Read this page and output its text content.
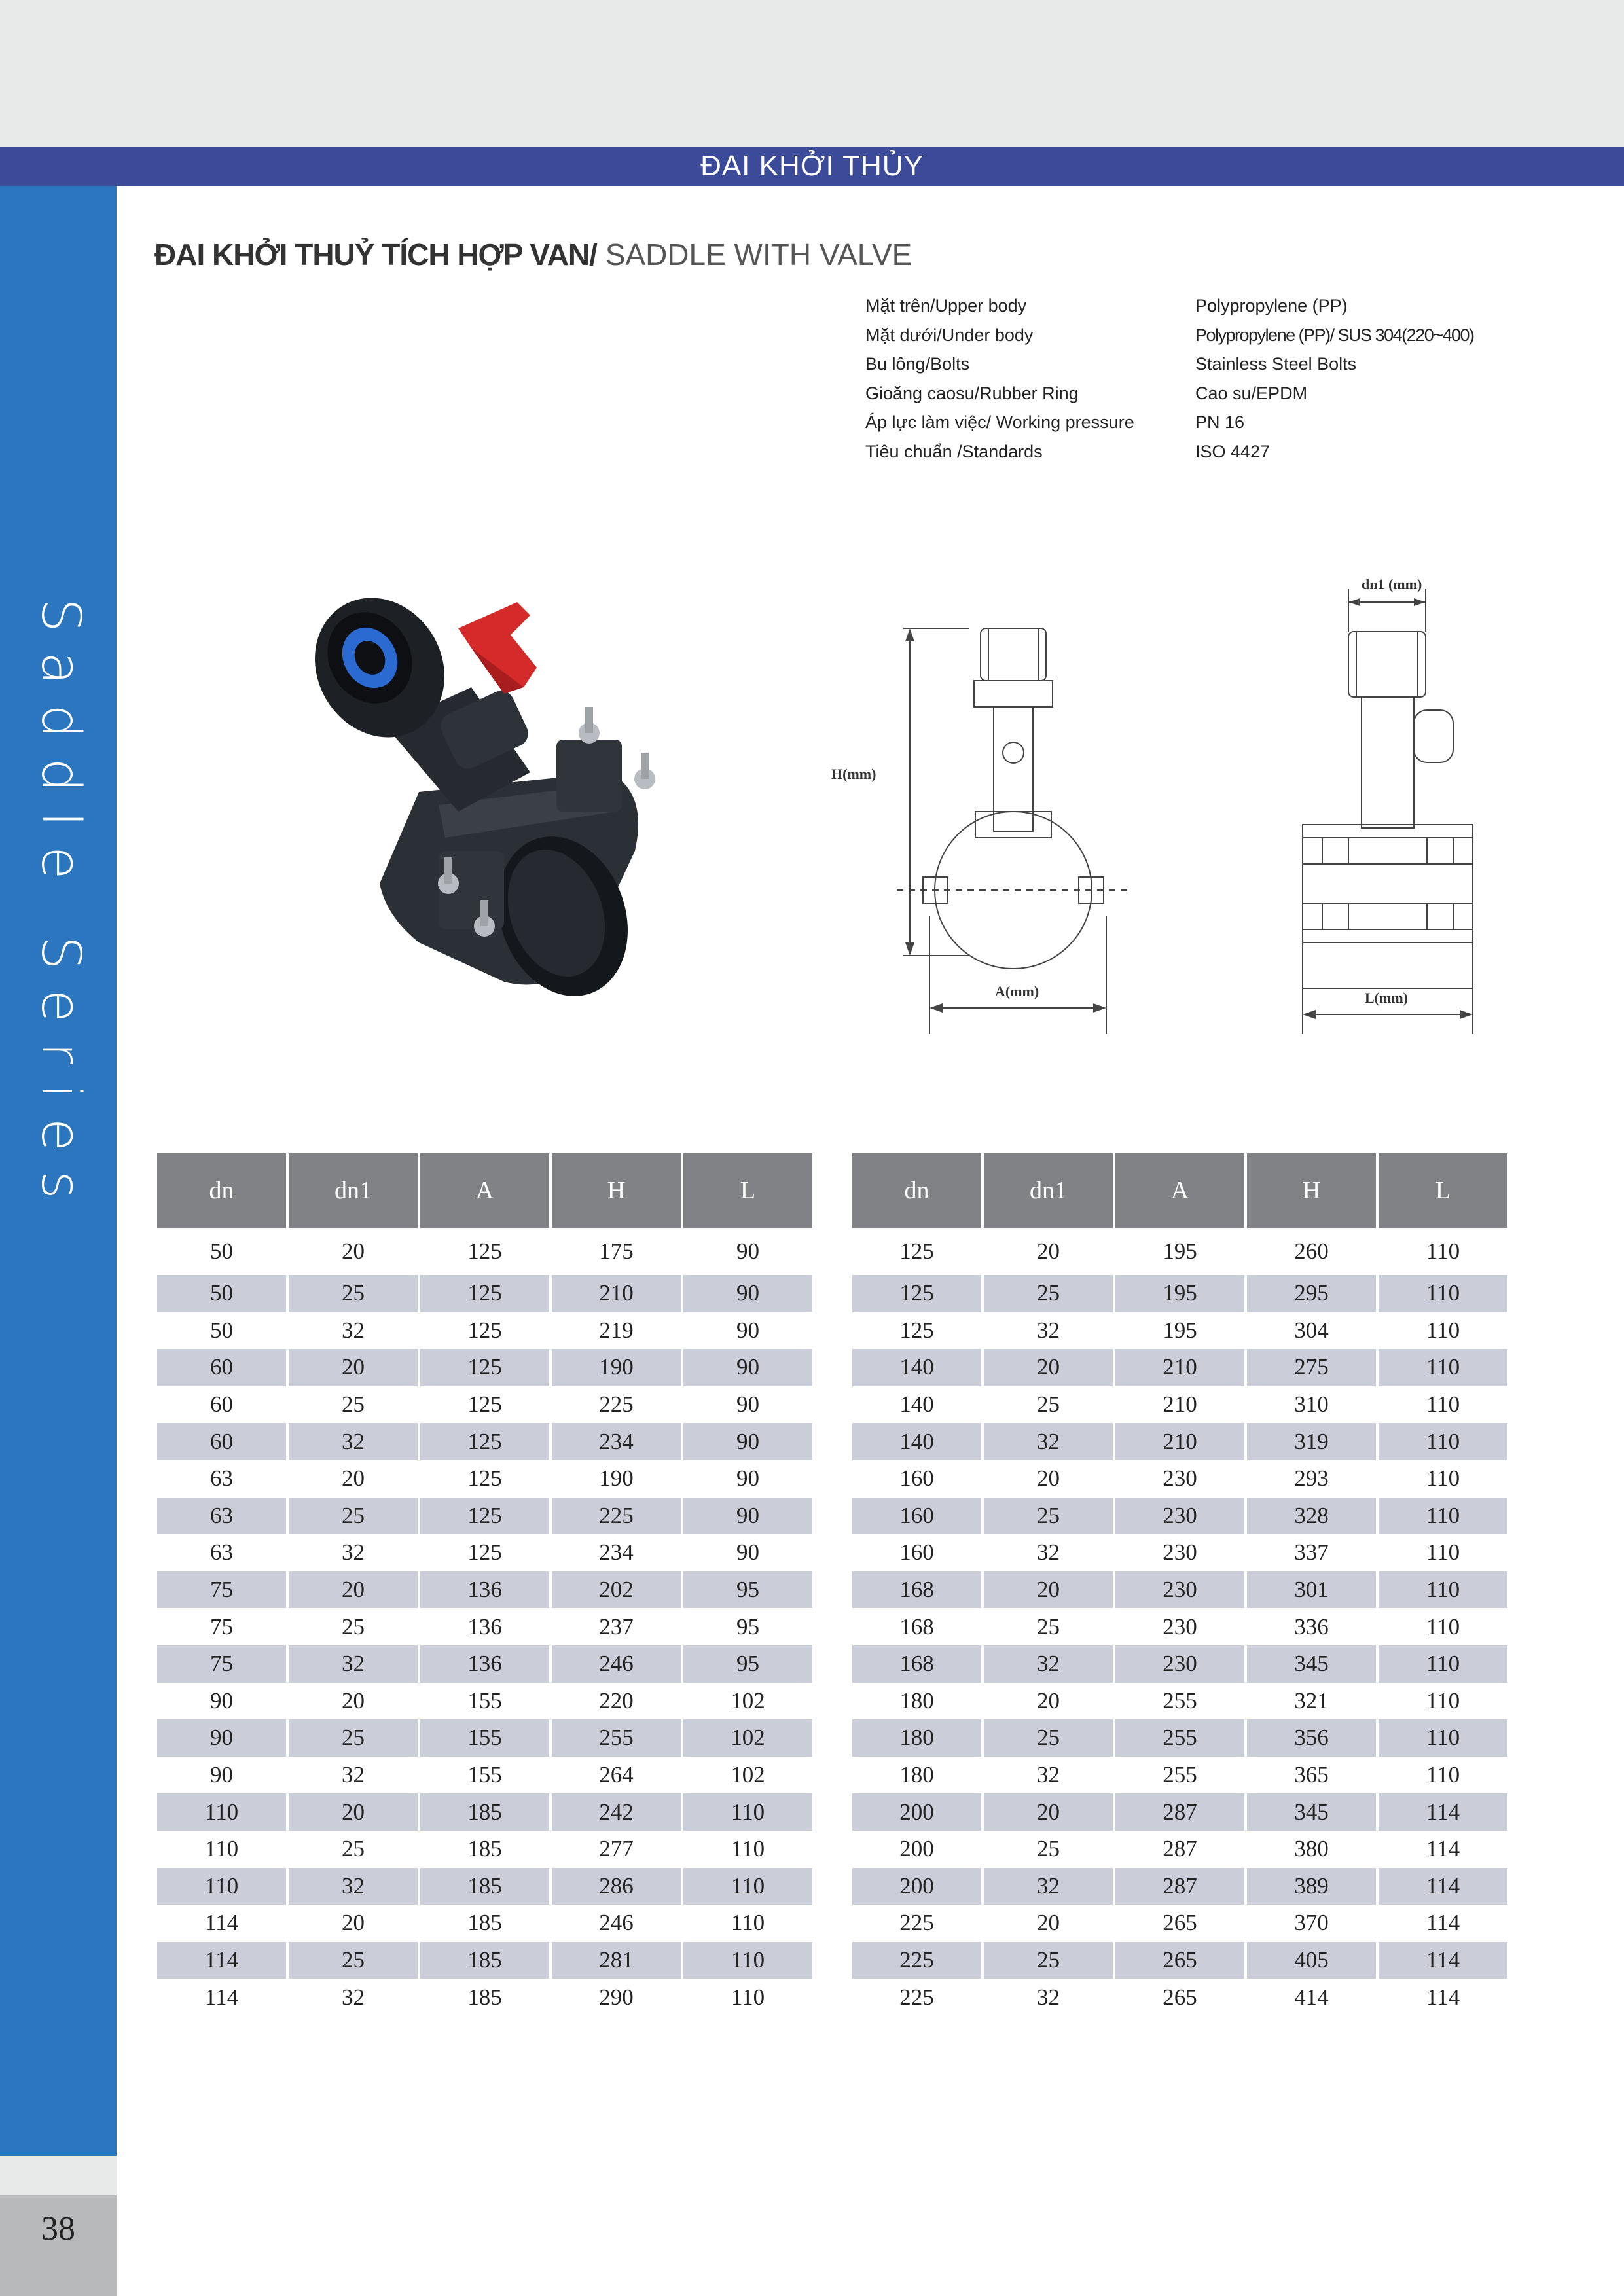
ĐAI KHỞI THỦY
Saddle Series
38
ĐAI KHỞI THUỶ TÍCH HỢP VAN/ SADDLE WITH VALVE
Mặt trên/Upper body	Polypropylene (PP)
Mặt dưới/Under body	Polypropylene (PP)/ SUS 304(220~400)
Bu lông/Bolts	Stainless Steel Bolts
Gioăng caosu/Rubber Ring	Cao su/EPDM
Áp lực làm việc/ Working pressure	PN 16
Tiêu chuẩn /Standards	ISO 4427
H(mm)
A(mm)
dn1 (mm)
L(mm)
dn	dn1	A	H	L
50	20	125	175	90
50	25	125	210	90
50	32	125	219	90
60	20	125	190	90
60	25	125	225	90
60	32	125	234	90
63	20	125	190	90
63	25	125	225	90
63	32	125	234	90
75	20	136	202	95
75	25	136	237	95
75	32	136	246	95
90	20	155	220	102
90	25	155	255	102
90	32	155	264	102
110	20	185	242	110
110	25	185	277	110
110	32	185	286	110
114	20	185	246	110
114	25	185	281	110
114	32	185	290	110
dn	dn1	A	H	L
125	20	195	260	110
125	25	195	295	110
125	32	195	304	110
140	20	210	275	110
140	25	210	310	110
140	32	210	319	110
160	20	230	293	110
160	25	230	328	110
160	32	230	337	110
168	20	230	301	110
168	25	230	336	110
168	32	230	345	110
180	20	255	321	110
180	25	255	356	110
180	32	255	365	110
200	20	287	345	114
200	25	287	380	114
200	32	287	389	114
225	20	265	370	114
225	25	265	405	114
225	32	265	414	114
